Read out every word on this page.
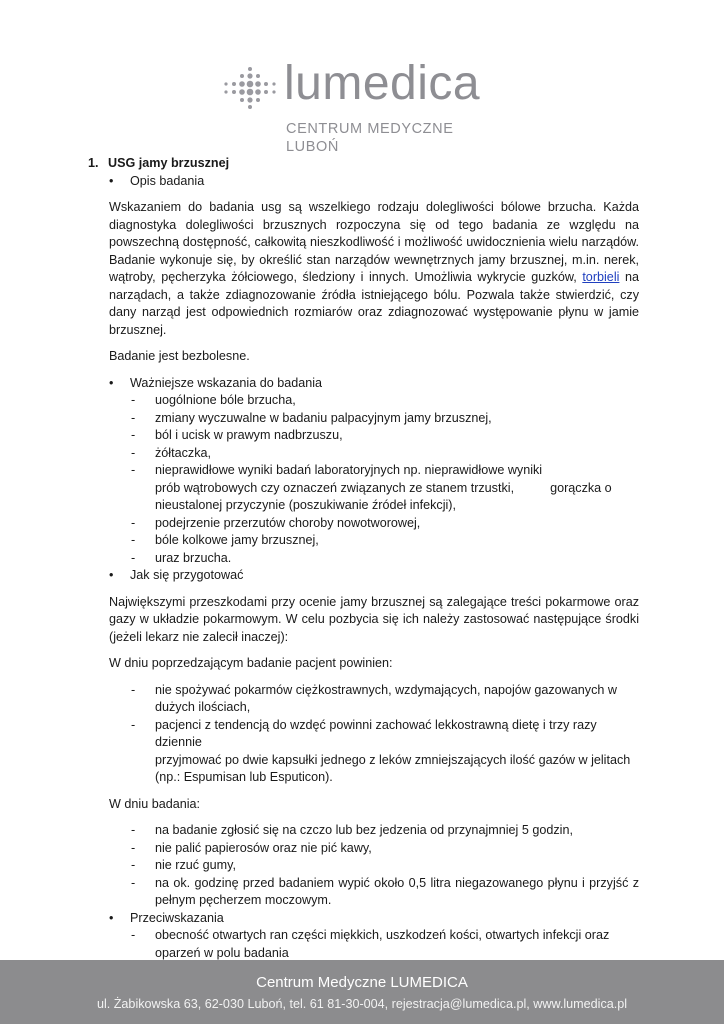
lumedica
CENTRUM MEDYCZNE LUBOŃ
1. USG jamy brzusznej
• Opis badania
Wskazaniem do badania usg są wszelkiego rodzaju dolegliwości bólowe brzucha. Każda diagnostyka dolegliwości brzusznych rozpoczyna się od tego badania ze względu na powszechną dostępność, całkowitą nieszkodliwość i możliwość uwidocznienia wielu narządów. Badanie wykonuje się, by określić stan narządów wewnętrznych jamy brzusznej, m.in. nerek, wątroby, pęcherzyka żółciowego, śledziony i innych. Umożliwia wykrycie guzków, torbieli na narządach, a także zdiagnozowanie źródła istniejącego bólu. Pozwala także stwierdzić, czy dany narząd jest odpowiednich rozmiarów oraz zdiagnozować występowanie płynu w jamie brzusznej.
Badanie jest bezbolesne.
• Ważniejsze wskazania do badania
- uogólnione bóle brzucha,
- zmiany wyczuwalne w badaniu palpacyjnym jamy brzusznej,
- ból i ucisk w prawym nadbrzuszu,
- żółtaczka,
- nieprawidłowe wyniki badań laboratoryjnych np. nieprawidłowe wyniki
prób wątrobowych czy oznaczeń związanych ze stanem trzustki,	gorączka o
nieustalonej przyczynie (poszukiwanie źródeł infekcji),
- podejrzenie przerzutów choroby nowotworowej,
- bóle kolkowe jamy brzusznej,
- uraz brzucha.
• Jak się przygotować
Największymi przeszkodami przy ocenie jamy brzusznej są zalegające treści pokarmowe oraz gazy w układzie pokarmowym. W celu pozbycia się ich należy zastosować następujące środki (jeżeli lekarz nie zalecił inaczej):
W dniu poprzedzającym badanie pacjent powinien:
- nie spożywać pokarmów ciężkostrawnych, wzdymających, napojów gazowanych w
dużych ilościach,
- pacjenci z tendencją do wzdęć powinni zachować lekkostrawną dietę i trzy razy dziennie
przyjmować po dwie kapsułki jednego z leków zmniejszających ilość gazów w jelitach
(np.: Espumisan lub Esputicon).
W dniu badania:
- na badanie zgłosić się na czczo lub bez jedzenia od przynajmniej 5 godzin,
- nie palić papierosów oraz nie pić kawy,
- nie rzuć gumy,
- na ok. godzinę przed badaniem wypić około 0,5 litra niegazowanego płynu i przyjść z pełnym pęcherzem moczowym.
• Przeciwskazania
- obecność otwartych ran części miękkich, uszkodzeń kości, otwartych infekcji oraz
oparzeń w polu badania
Centrum Medyczne LUMEDICA
ul. Żabikowska 63, 62-030 Luboń, tel. 61 81-30-004, rejestracja@lumedica.pl, www.lumedica.pl
